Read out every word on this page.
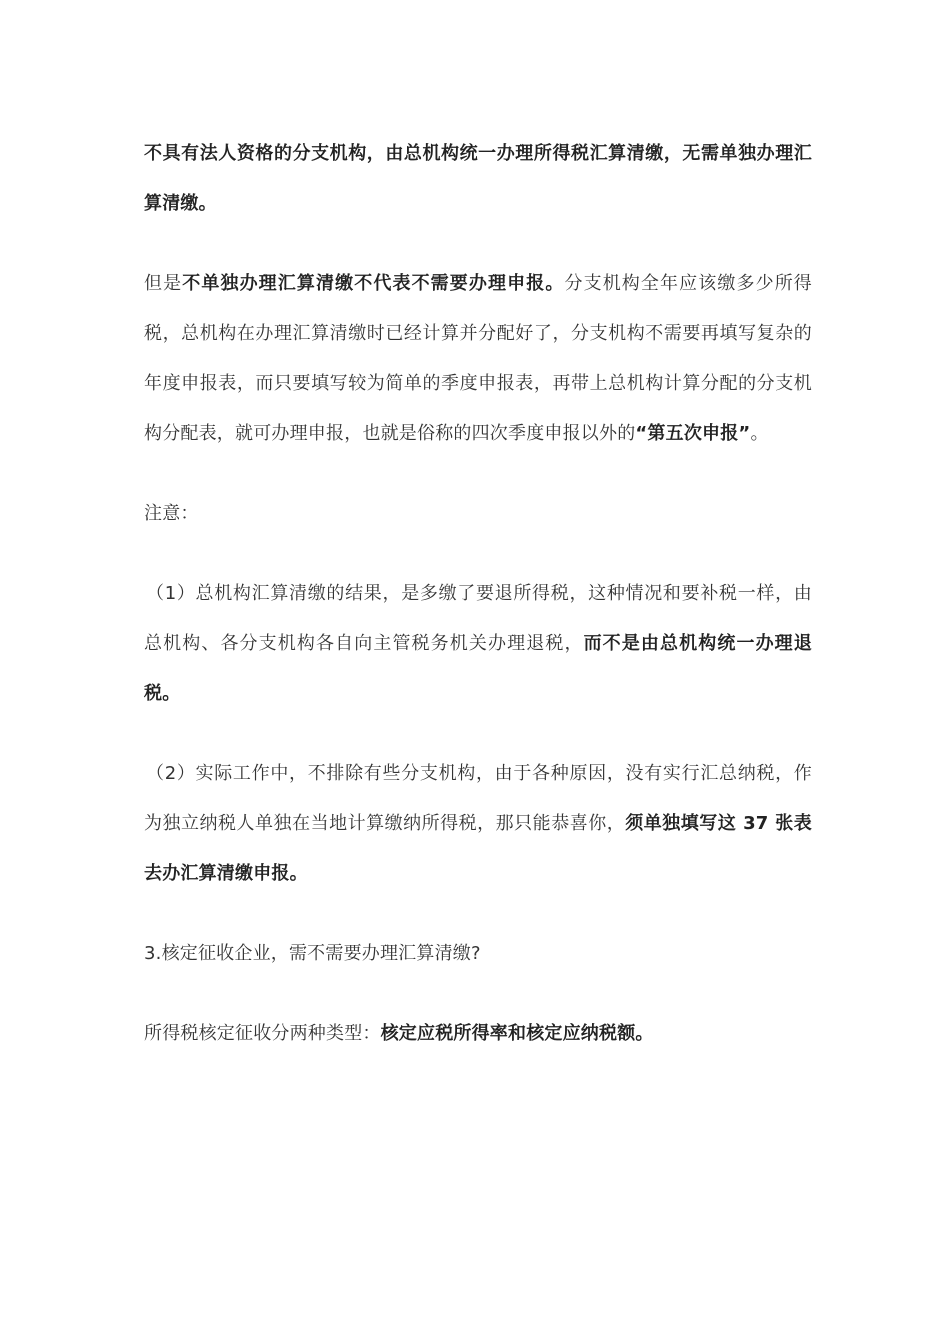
不具有法人资格的分支机构，由总机构统一办理所得税汇算清缴，无需单独办理汇算清缴。

但是不单独办理汇算清缴不代表不需要办理申报。分支机构全年应该缴多少所得税，总机构在办理汇算清缴时已经计算并分配好了，分支机构不需要再填写复杂的年度申报表，而只要填写较为简单的季度申报表，再带上总机构计算分配的分支机构分配表，就可办理申报，也就是俗称的四次季度申报以外的“第五次申报”。

注意：

（1）总机构汇算清缴的结果，是多缴了要退所得税，这种情况和要补税一样，由总机构、各分支机构各自向主管税务机关办理退税，而不是由总机构统一办理退税。

（2）实际工作中，不排除有些分支机构，由于各种原因，没有实行汇总纳税，作为独立纳税人单独在当地计算缴纳所得税，那只能恭喜你，须单独填写这 37 张表去办汇算清缴申报。

3.核定征收企业，需不需要办理汇算清缴?

所得税核定征收分两种类型：核定应税所得率和核定应纳税额。
